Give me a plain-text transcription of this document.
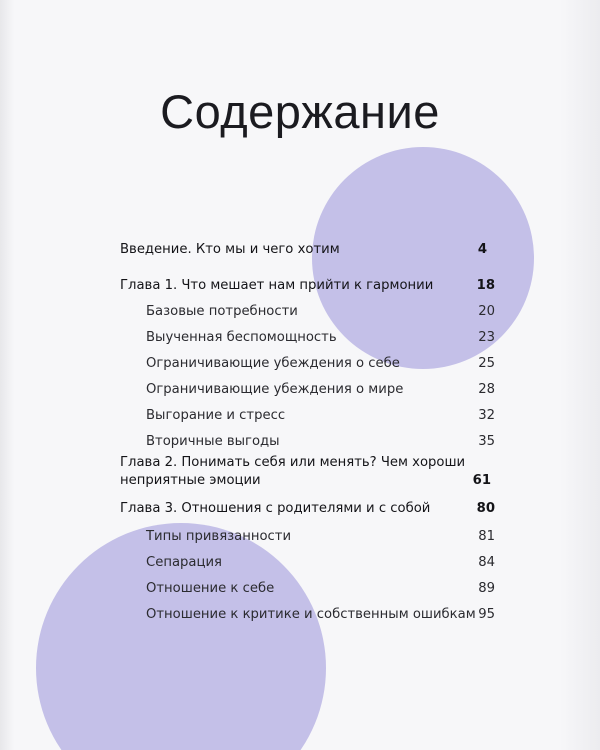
Содержание
Введение. Кто мы и чего хотим	4
Глава 1. Что мешает нам прийти к гармонии	18
Базовые потребности	20
Выученная беспомощность	23
Ограничивающие убеждения о себе	25
Ограничивающие убеждения о мире	28
Выгорание и стресс	32
Вторичные выгоды	35
Глава 2. Понимать себя или менять? Чем хороши
неприятные эмоции	61
Глава 3. Отношения с родителями и с собой	80
Типы привязанности	81
Сепарация	84
Отношение к себе	89
Отношение к критике и собственным ошибкам 95
